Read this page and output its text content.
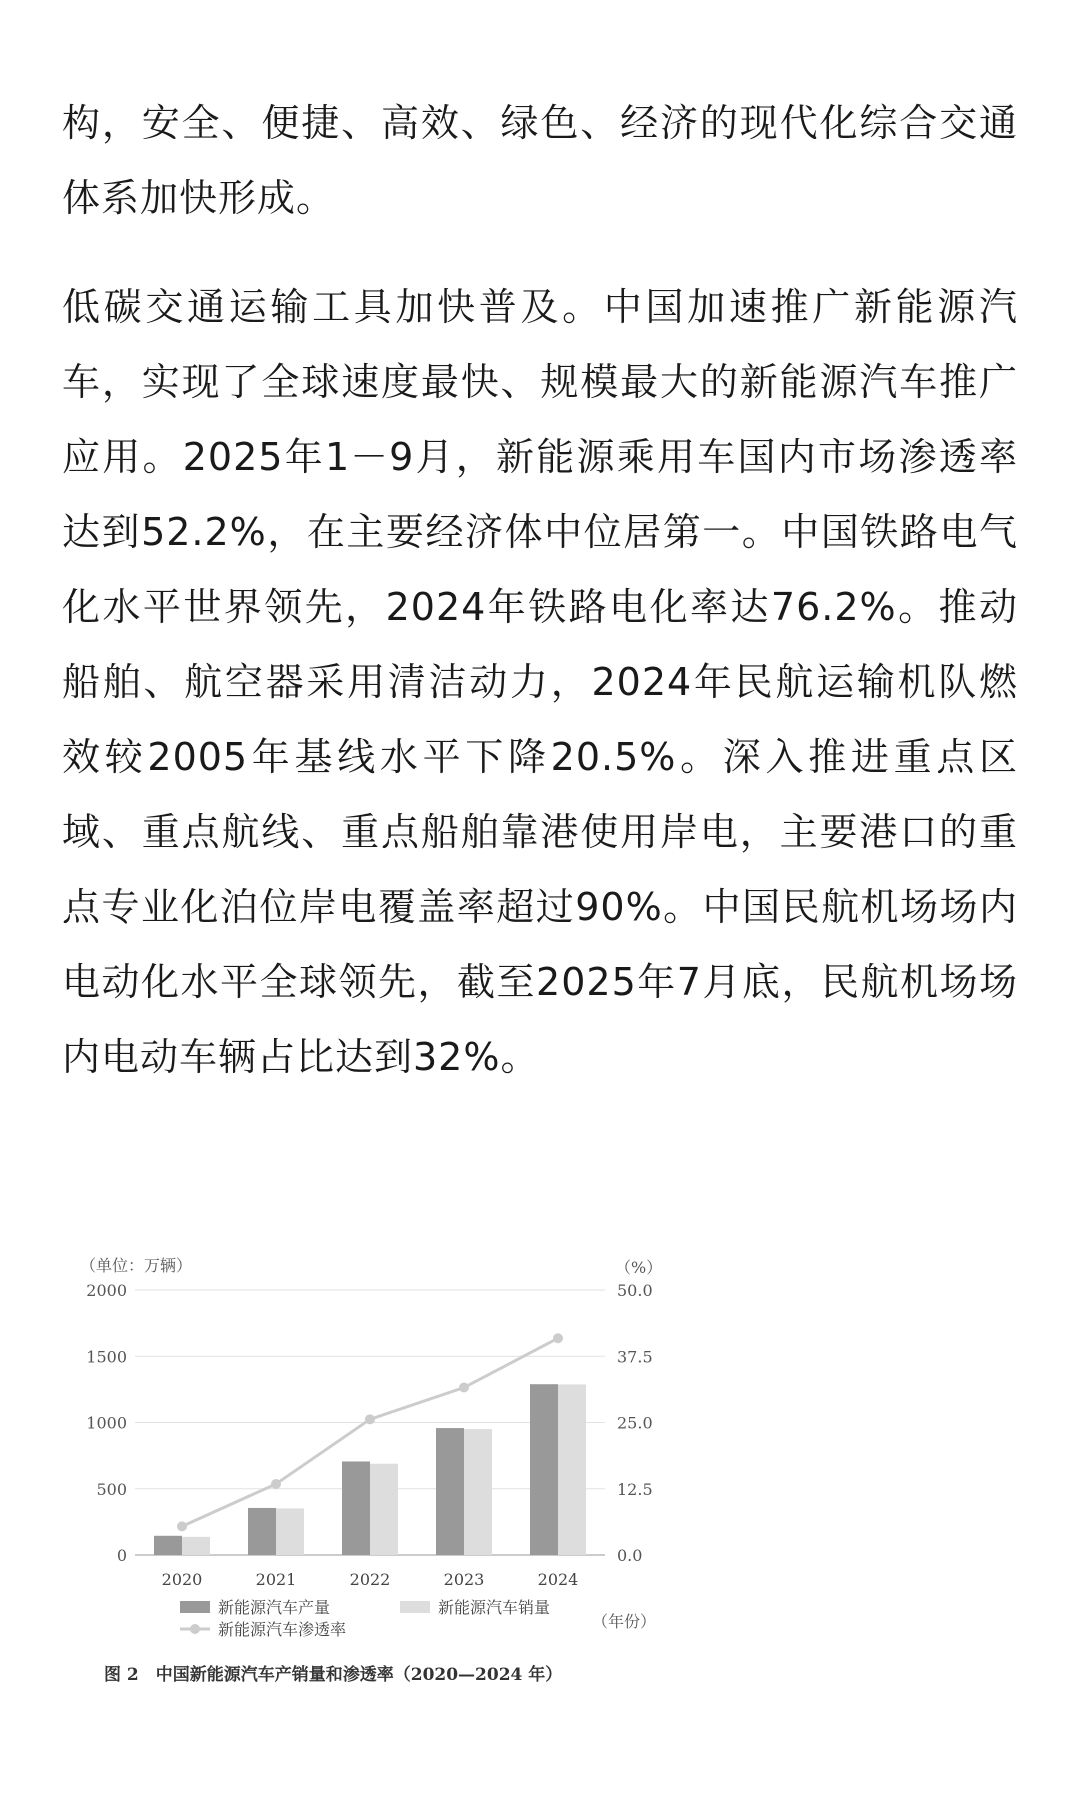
构，安全、便捷、高效、绿色、经济的现代化综合交通体系加快形成。

低碳交通运输工具加快普及。中国加速推广新能源汽车，实现了全球速度最快、规模最大的新能源汽车推广应用。2025年1－9月，新能源乘用车国内市场渗透率达到52.2%，在主要经济体中位居第一。中国铁路电气化水平世界领先，2024年铁路电化率达76.2%。推动船舶、航空器采用清洁动力，2024年民航运输机队燃效较2005年基线水平下降20.5%。深入推进重点区域、重点航线、重点船舶靠港使用岸电，主要港口的重点专业化泊位岸电覆盖率超过90%。中国民航机场场内电动化水平全球领先，截至2025年7月底，民航机场场内电动车辆占比达到32%。

0
500
1000
1500
2000
0.0
12.5
25.0
37.5
50.0
2020	2021	2022	2023	2024
（单位：万辆）	（%）
（年份）
新能源汽车产量	新能源汽车销量
新能源汽车渗透率
图 2　中国新能源汽车产销量和渗透率（2020—2024 年）
